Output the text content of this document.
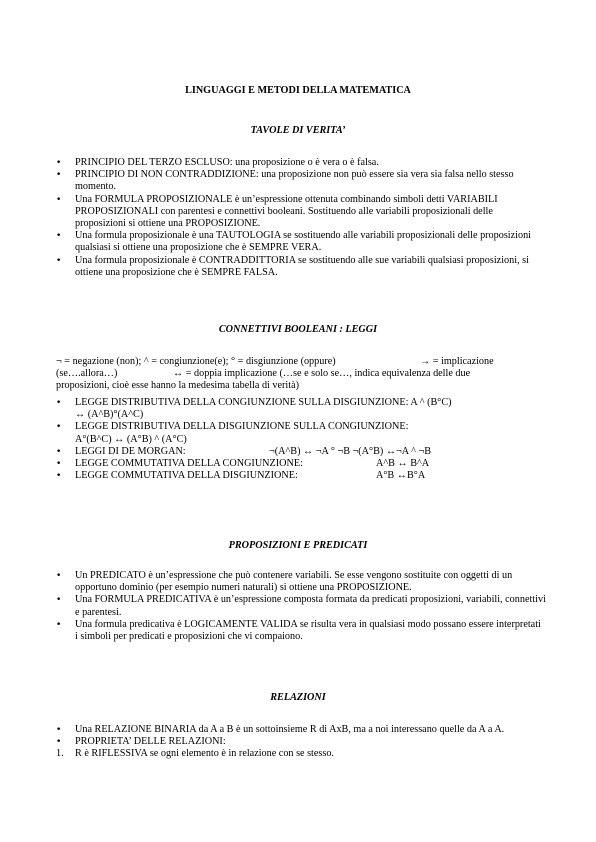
LINGUAGGI E METODI DELLA MATEMATICA
TAVOLE DI VERITA’
• PRINCIPIO DEL TERZO ESCLUSO: una proposizione o è vera o è falsa.
• PRINCIPIO DI NON CONTRADDIZIONE: una proposizione non può essere sia vera sia falsa nello stesso momento.
• Una FORMULA PROPOSIZIONALE è un’espressione ottenuta combinando simboli detti VARIABILI PROPOSIZIONALI con parentesi e connettivi booleani. Sostituendo alle variabili proposizionali delle proposizioni si ottiene una PROPOSIZIONE.
• Una formula proposizionale è una TAUTOLOGIA se sostituendo alle variabili proposizionali delle proposizioni qualsiasi si ottiene una proposizione che è SEMPRE VERA.
• Una formula proposizionale è CONTRADDITTORIA se sostituendo alle sue variabili qualsiasi proposizioni, si ottiene una proposizione che è SEMPRE FALSA.
CONNETTIVI BOOLEANI : LEGGI
¬ = negazione (non); ^ = congiunzione(e); ° = disgiunzione (oppure)	→ = implicazione
(se….allora…)	↔ = doppia implicazione (…se e solo se…, indica equivalenza delle due
proposizioni, cioè esse hanno la medesima tabella di verità)
• LEGGE DISTRIBUTIVA DELLA CONGIUNZIONE SULLA DISGIUNZIONE: A ^ (B°C)
↔ (A^B)°(A^C)
• LEGGE DISTRIBUTIVA DELLA DISGIUNZIONE SULLA CONGIUNZIONE:
A°(B^C) ↔ (A°B) ^ (A°C)
• LEGGI DI DE MORGAN:	¬(A^B) ↔ ¬A ° ¬B ¬(A°B) ↔¬A ^ ¬B
• LEGGE COMMUTATIVA DELLA CONGIUNZIONE:	A^B ↔ B^A
• LEGGE COMMUTATIVA DELLA DISGIUNZIONE:	A°B ↔B°A
PROPOSIZIONI E PREDICATI
• Un PREDICATO è un’espressione che può contenere variabili. Se esse vengono sostituite con oggetti di un opportuno dominio (per esempio numeri naturali) si ottiene una PROPOSIZIONE.
• Una FORMULA PREDICATIVA è un’espressione composta formata da predicati proposizioni, variabili, connettivi e parentesi.
• Una formula predicativa è LOGICAMENTE VALIDA se risulta vera in qualsiasi modo possano essere interpretati i simboli per predicati e proposizioni che vi compaiono.
RELAZIONI
• Una RELAZIONE BINARIA da A a B è un sottoinsieme R di AxB, ma a noi interessano quelle da A a A.
• PROPRIETA’ DELLE RELAZIONI:
1. R è RIFLESSIVA se ogni elemento è in relazione con se stesso.
